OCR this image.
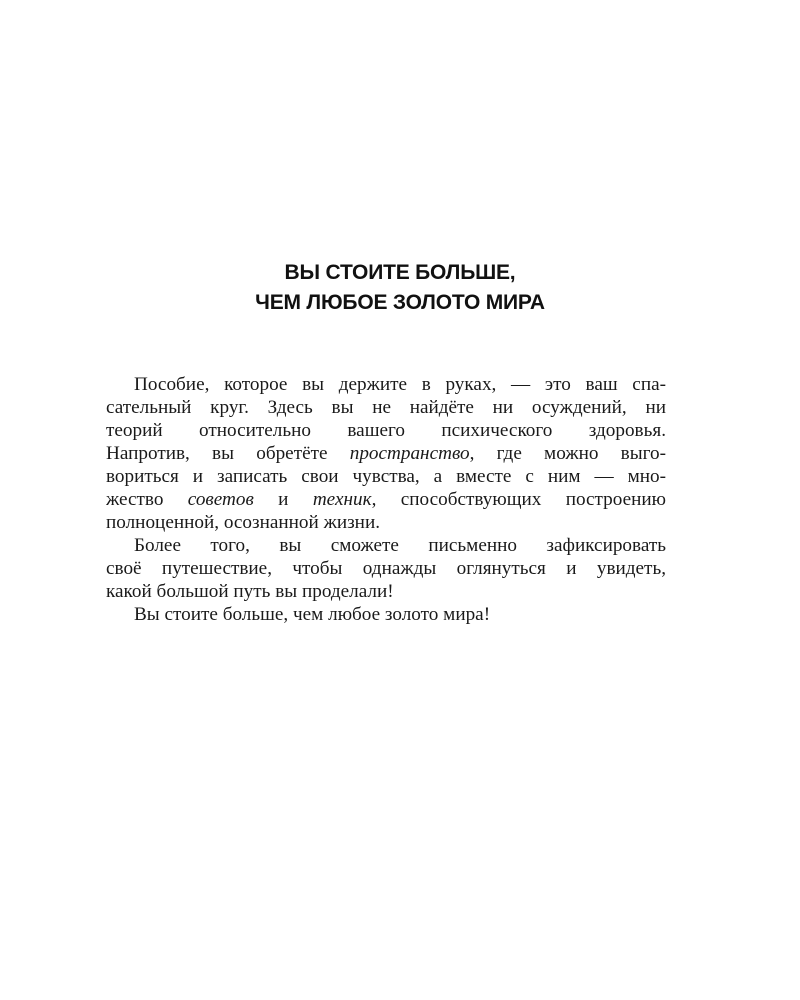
ВЫ СТОИТЕ БОЛЬШЕ,
ЧЕМ ЛЮБОЕ ЗОЛОТО МИРА
Пособие, которое вы держите в руках, — это ваш спа-
сательный круг. Здесь вы не найдёте ни осуждений, ни
теорий относительно вашего психического здоровья.
Напротив, вы обретёте пространство, где можно выго-
вориться и записать свои чувства, а вместе с ним — мно-
жество советов и техник, способствующих построению
полноценной, осознанной жизни.
Более того, вы сможете письменно зафиксировать
своё путешествие, чтобы однажды оглянуться и увидеть,
какой большой путь вы проделали!
Вы стоите больше, чем любое золото мира!
